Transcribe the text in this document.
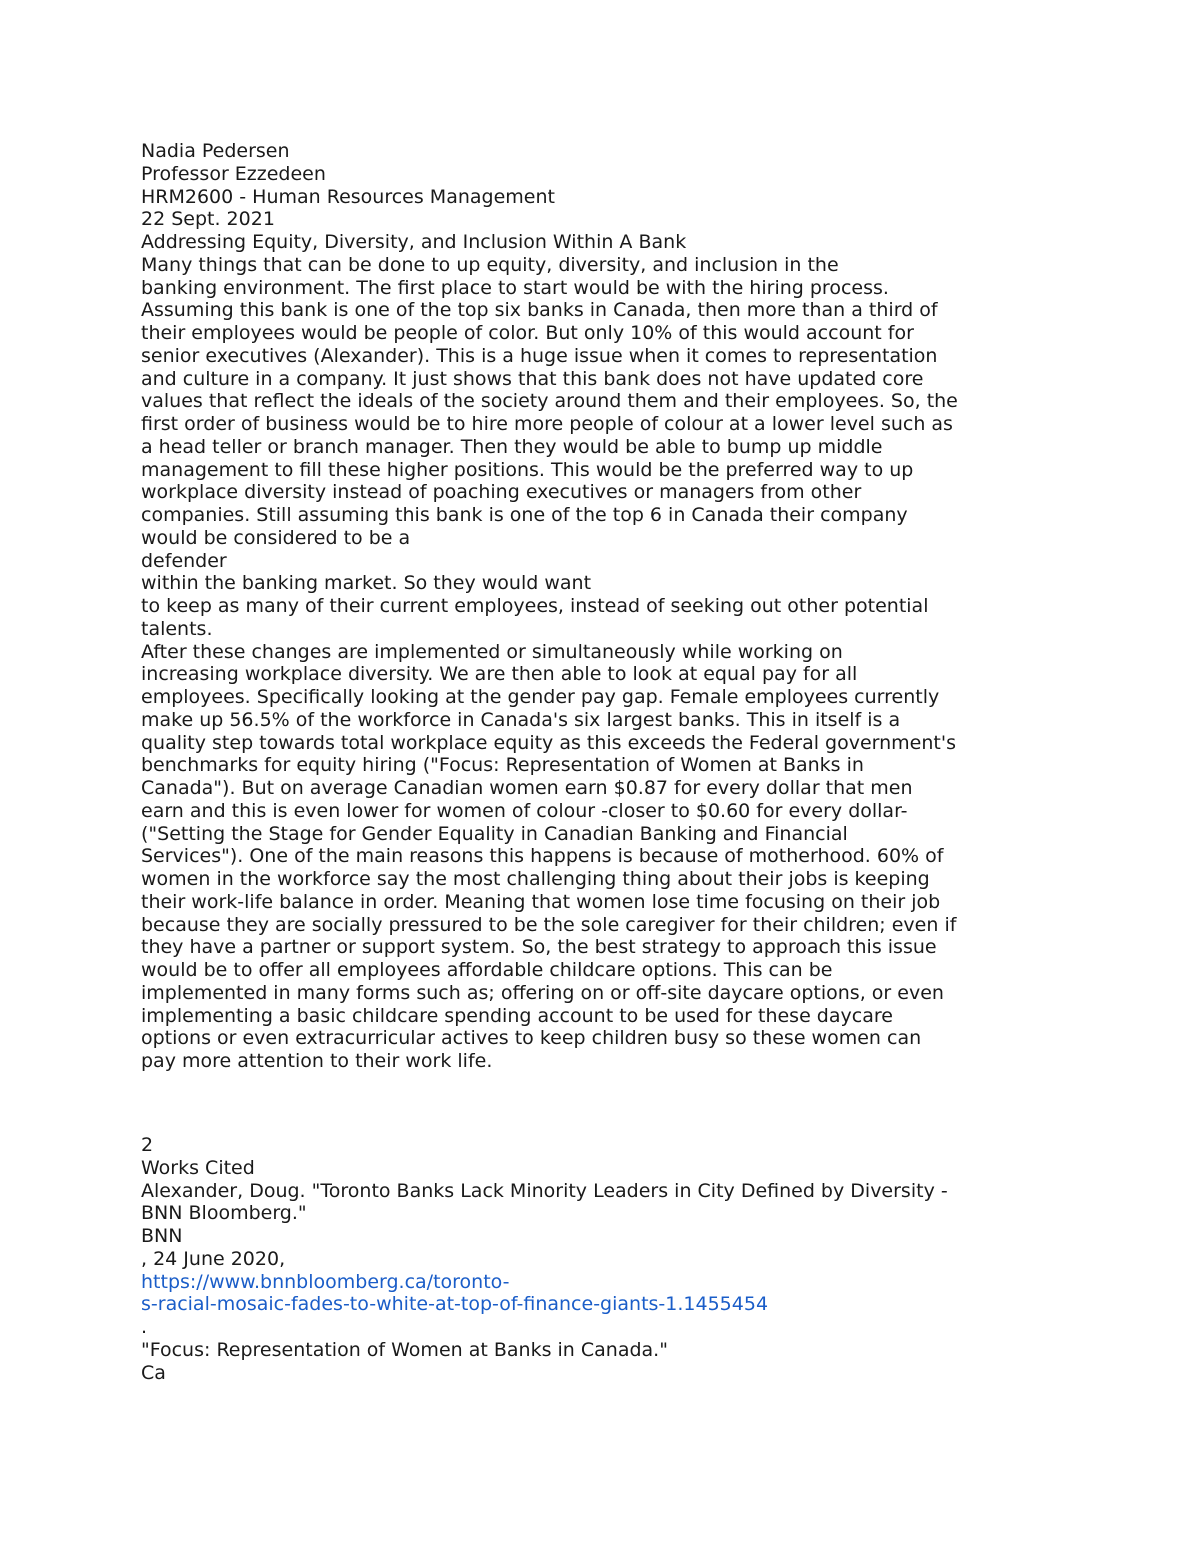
Nadia Pedersen
Professor Ezzedeen
HRM2600 - Human Resources Management
22 Sept. 2021
Addressing Equity, Diversity, and Inclusion Within A Bank
Many things that can be done to up equity, diversity, and inclusion in the
banking environment. The first place to start would be with the hiring process.
Assuming this bank is one of the top six banks in Canada, then more than a third of
their employees would be people of color. But only 10% of this would account for
senior executives (Alexander). This is a huge issue when it comes to representation
and culture in a company. It just shows that this bank does not have updated core
values that reflect the ideals of the society around them and their employees. So, the
first order of business would be to hire more people of colour at a lower level such as
a head teller or branch manager. Then they would be able to bump up middle
management to fill these higher positions. This would be the preferred way to up
workplace diversity instead of poaching executives or managers from other
companies. Still assuming this bank is one of the top 6 in Canada their company
would be considered to be a
defender
within the banking market. So they would want
to keep as many of their current employees, instead of seeking out other potential
talents.
After these changes are implemented or simultaneously while working on
increasing workplace diversity. We are then able to look at equal pay for all
employees. Specifically looking at the gender pay gap. Female employees currently
make up 56.5% of the workforce in Canada's six largest banks. This in itself is a
quality step towards total workplace equity as this exceeds the Federal government's
benchmarks for equity hiring ("Focus: Representation of Women at Banks in
Canada"). But on average Canadian women earn $0.87 for every dollar that men
earn and this is even lower for women of colour -closer to $0.60 for every dollar-
("Setting the Stage for Gender Equality in Canadian Banking and Financial
Services"). One of the main reasons this happens is because of motherhood. 60% of
women in the workforce say the most challenging thing about their jobs is keeping
their work-life balance in order. Meaning that women lose time focusing on their job
because they are socially pressured to be the sole caregiver for their children; even if
they have a partner or support system. So, the best strategy to approach this issue
would be to offer all employees affordable childcare options. This can be
implemented in many forms such as; offering on or off-site daycare options, or even
implementing a basic childcare spending account to be used for these daycare
options or even extracurricular actives to keep children busy so these women can
pay more attention to their work life.
2
Works Cited
Alexander, Doug. "Toronto Banks Lack Minority Leaders in City Defined by Diversity -
BNN Bloomberg."
BNN
, 24 June 2020,
https://www.bnnbloomberg.ca/toronto-
s-racial-mosaic-fades-to-white-at-top-of-finance-giants-1.1455454
.
"Focus: Representation of Women at Banks in Canada."
Ca
